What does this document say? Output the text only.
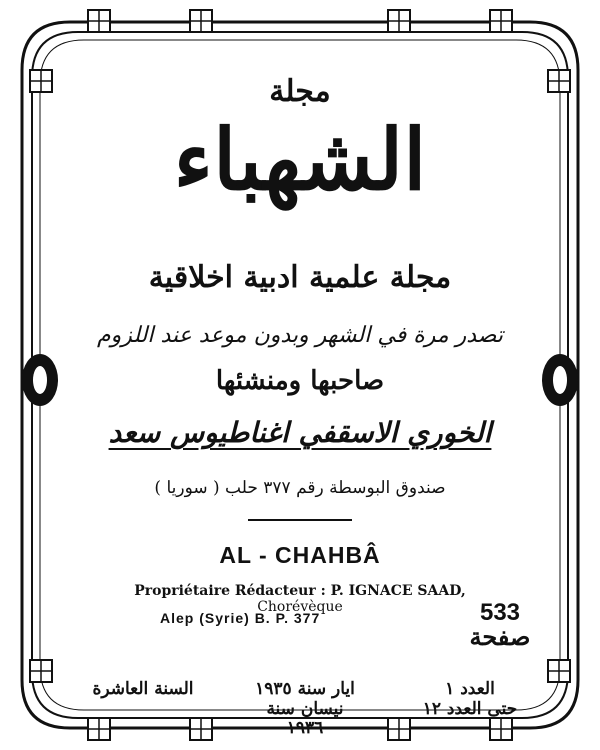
مجلة
الشهباء
مجلة علمية ادبية اخلاقية
تصدر مرة في الشهر وبدون موعد عند اللزوم
صاحبها ومنشئها
الخوري الاسقفي اغناطيوس سعد
صندوق البوسطة رقم ٣٧٧ حلب ( سوريا )
AL - CHAHBÂ
Propriétaire Rédacteur : P. IGNACE SAAD, Chorévèque
Alep (Syrie) B. P. 377	533
صفحة
السنة العاشرة	ايار سنة ١٩٣٥
نيسان سنة ١٩٣٦
العدد ١
حتى العدد ١٢
